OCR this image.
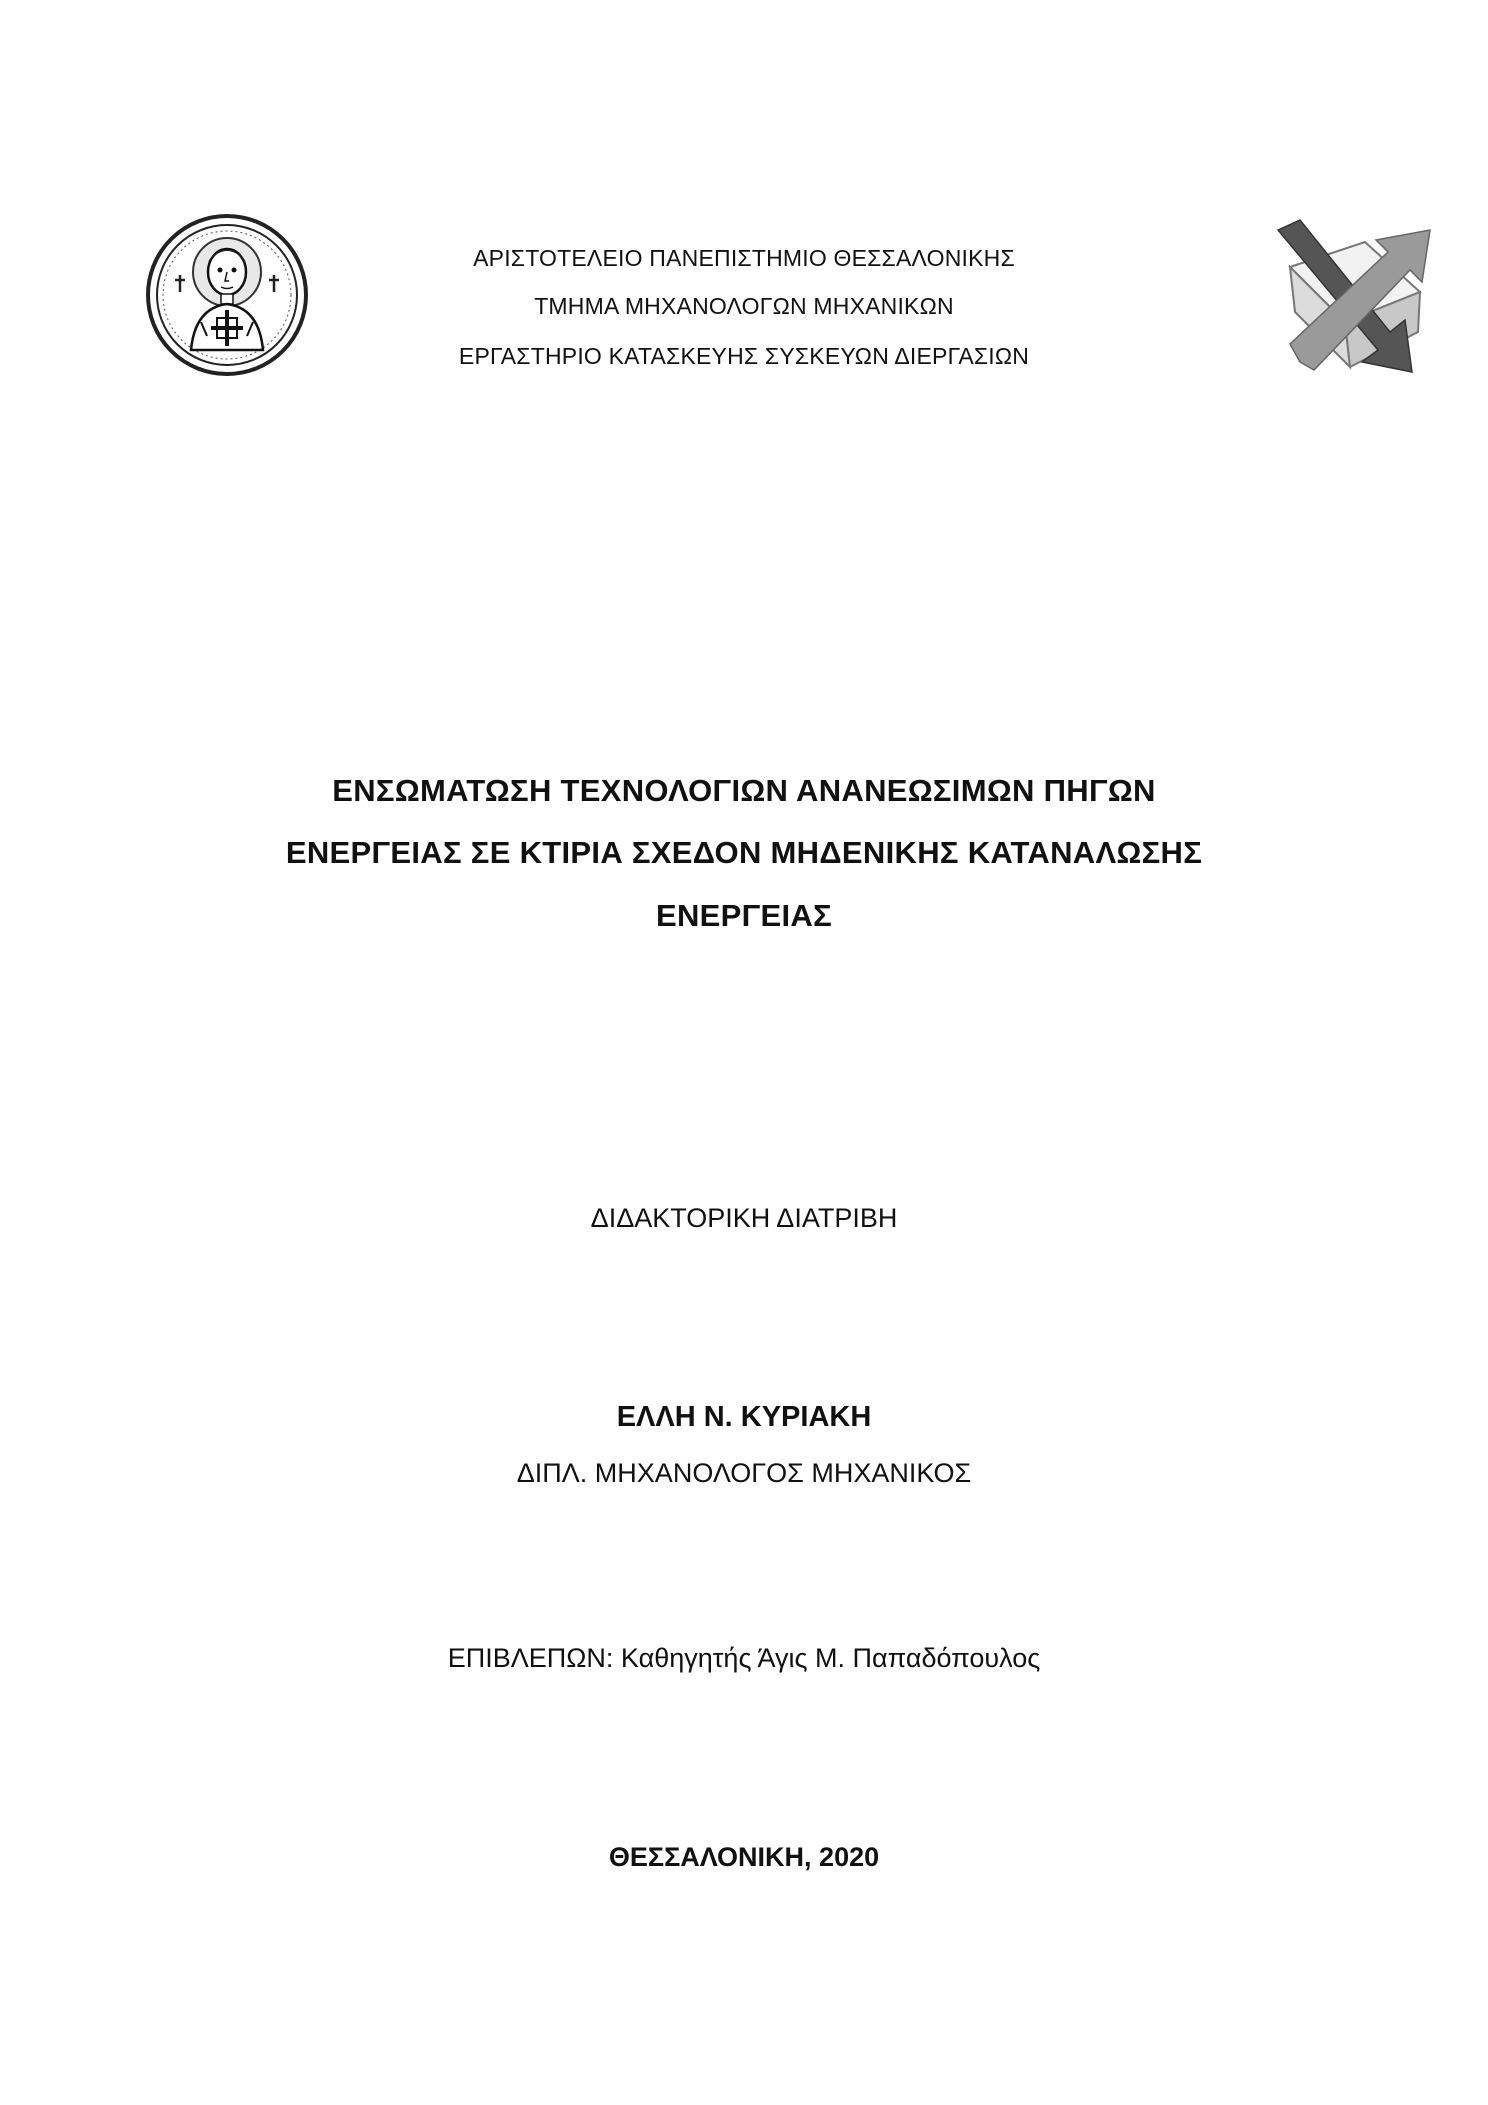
ΑΡΙΣΤΟΤΕΛΕΙΟ ΠΑΝΕΠΙΣΤΗΜΙΟ ΘΕΣΣΑΛΟΝΙΚΗΣ
ΤΜΗΜΑ ΜΗΧΑΝΟΛΟΓΩΝ ΜΗΧΑΝΙΚΩΝ
ΕΡΓΑΣΤΗΡΙΟ ΚΑΤΑΣΚΕΥΗΣ ΣΥΣΚΕΥΩΝ ΔΙΕΡΓΑΣΙΩΝ
ΕΝΣΩΜΑΤΩΣΗ ΤΕΧΝΟΛΟΓΙΩΝ ΑΝΑΝΕΩΣΙΜΩΝ ΠΗΓΩΝ
ΕΝΕΡΓΕΙΑΣ ΣΕ ΚΤΙΡΙΑ ΣΧΕΔΟΝ ΜΗΔΕΝΙΚΗΣ ΚΑΤΑΝΑΛΩΣΗΣ
ΕΝΕΡΓΕΙΑΣ
ΔΙΔΑΚΤΟΡΙΚΗ ΔΙΑΤΡΙΒΗ
ΕΛΛΗ Ν. ΚΥΡΙΑΚΗ
ΔΙΠΛ. ΜΗΧΑΝΟΛΟΓΟΣ ΜΗΧΑΝΙΚΟΣ
ΕΠΙΒΛΕΠΩΝ: Καθηγητής Άγις Μ. Παπαδόπουλος
ΘΕΣΣΑΛΟΝΙΚΗ, 2020
